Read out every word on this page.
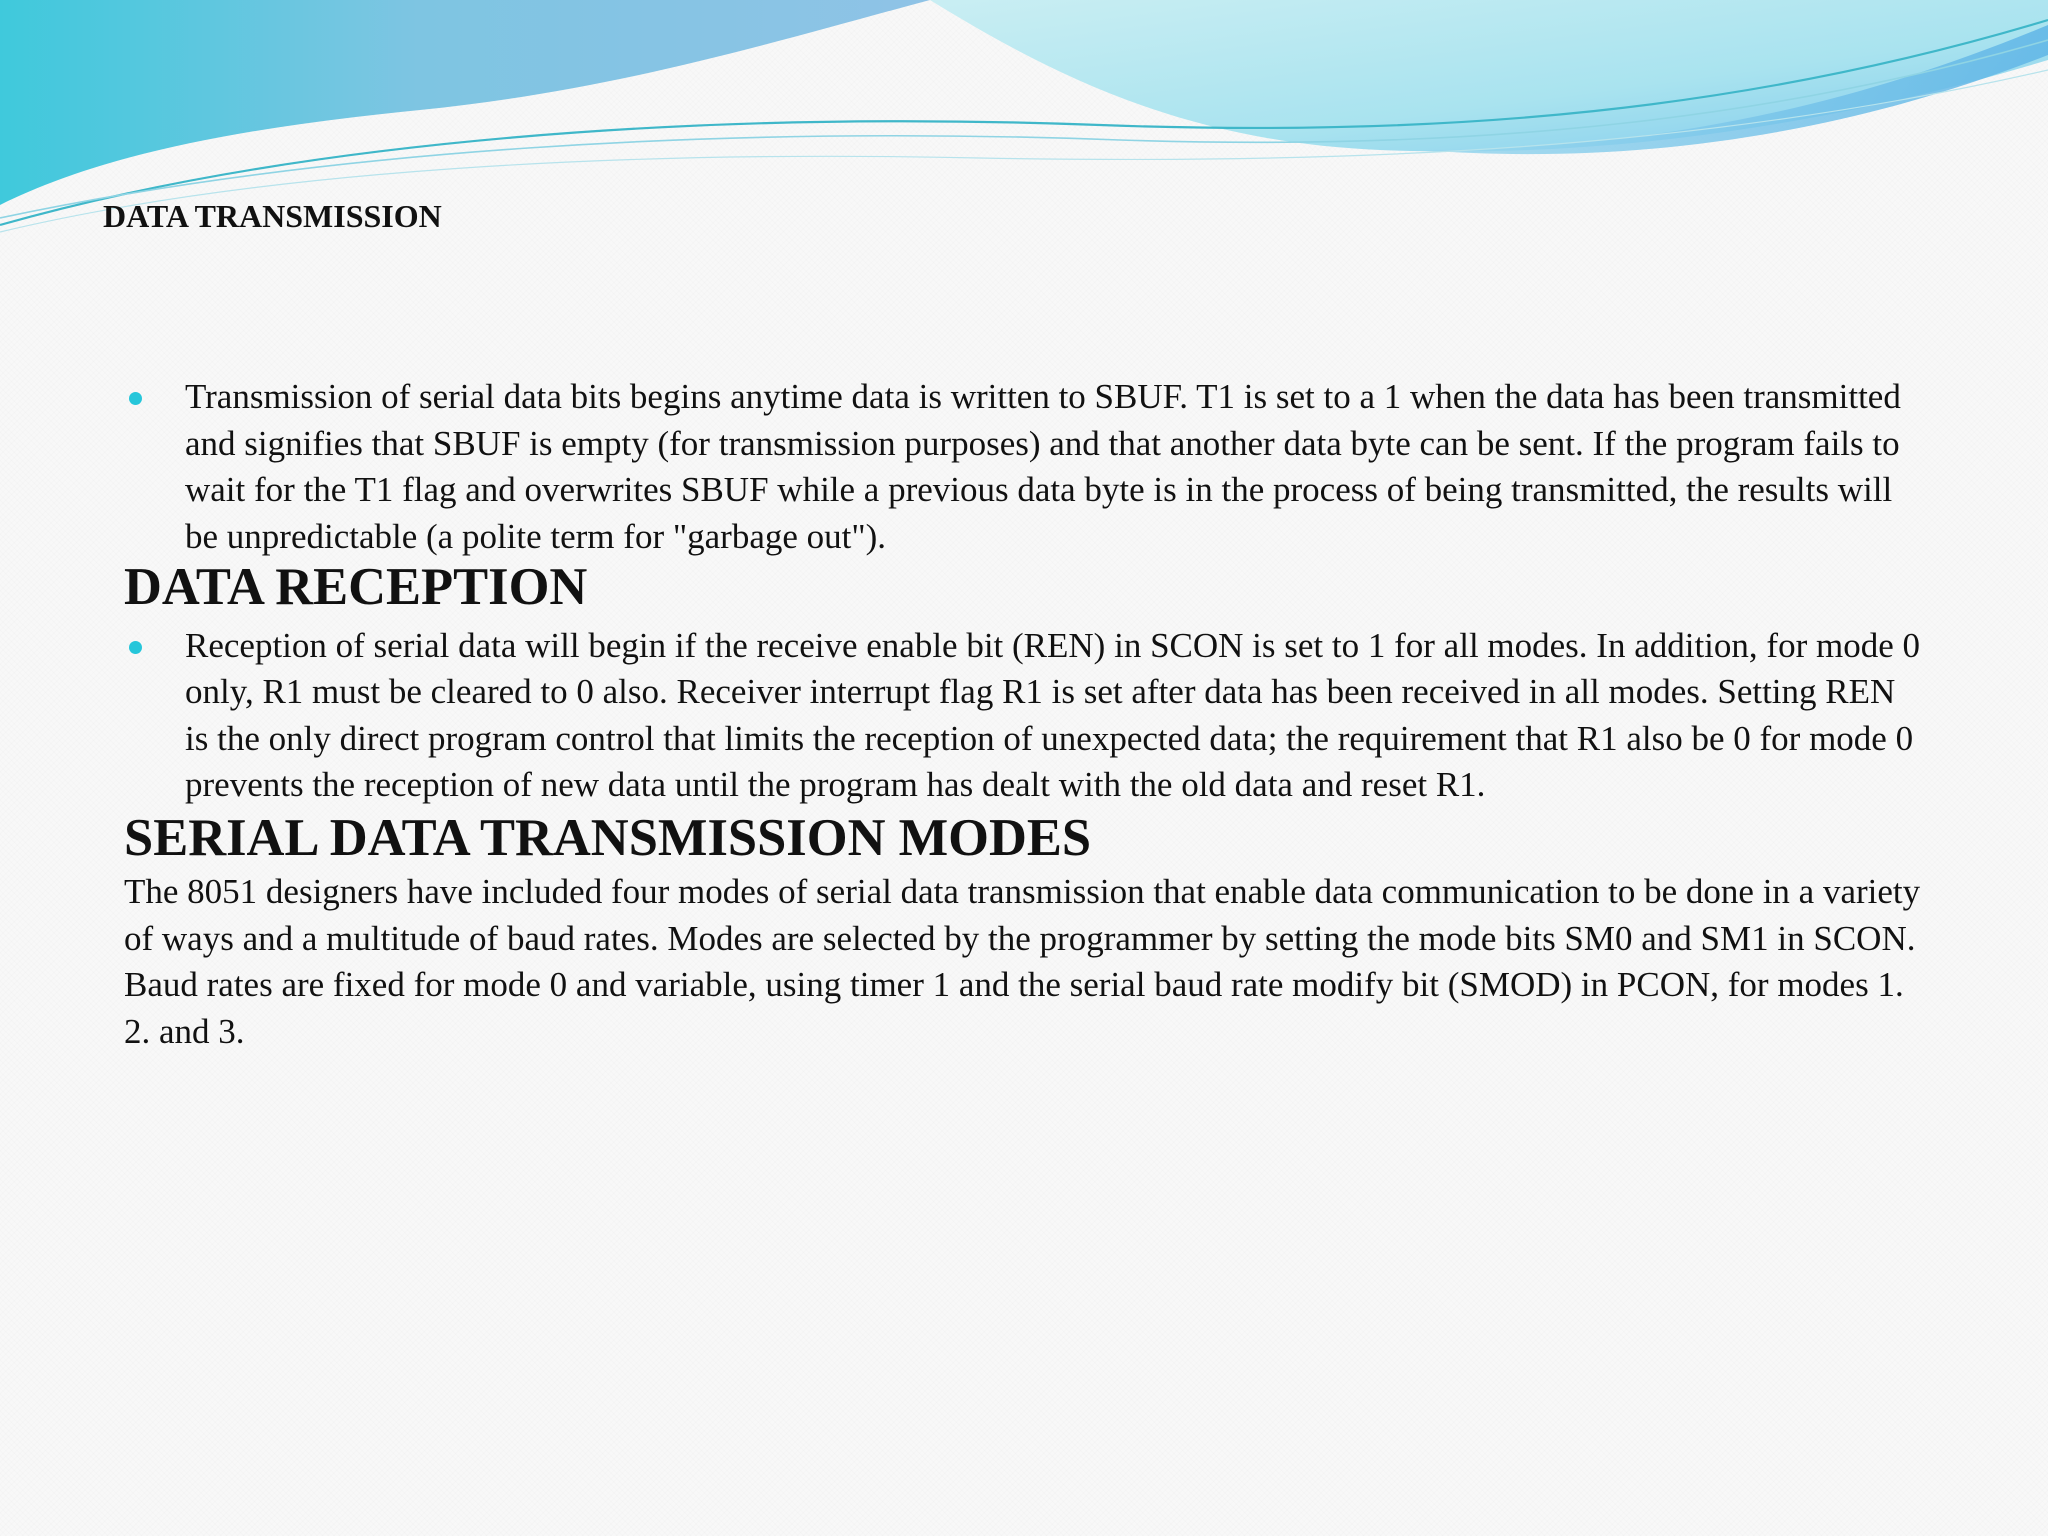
DATA TRANSMISSION

Transmission of serial data bits begins anytime data is written to SBUF. T1 is set to a 1 when the data has been transmitted and signifies that SBUF is empty (for transmission purposes) and that another data byte can be sent. If the program fails to wait for the T1 flag and overwrites SBUF while a previous data byte is in the process of being transmitted, the results will be unpredictable (a polite term for "garbage out").

DATA RECEPTION

Reception of serial data will begin if the receive enable bit (REN) in SCON is set to 1 for all modes. In addition, for mode 0 only, R1 must be cleared to 0 also. Receiver interrupt flag R1 is set after data has been received in all modes. Setting REN is the only direct program control that limits the reception of unexpected data; the requirement that R1 also be 0 for mode 0 prevents the reception of new data until the program has dealt with the old data and reset R1.

SERIAL DATA TRANSMISSION MODES

The 8051 designers have included four modes of serial data transmission that enable data communication to be done in a variety of ways and a multitude of baud rates. Modes are selected by the programmer by setting the mode bits SM0 and SM1 in SCON. Baud rates are fixed for mode 0 and variable, using timer 1 and the serial baud rate modify bit (SMOD) in PCON, for modes 1. 2. and 3.
